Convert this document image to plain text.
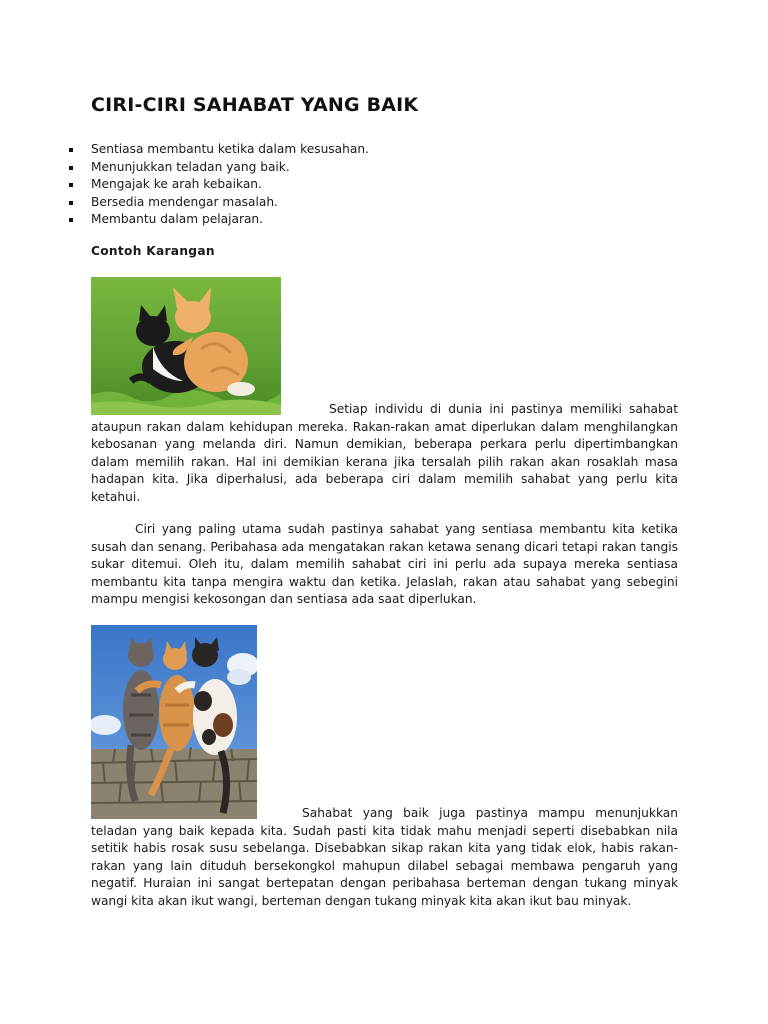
CIRI-CIRI SAHABAT YANG BAIK
Sentiasa membantu ketika dalam kesusahan.
Menunjukkan teladan yang baik.
Mengajak ke arah kebaikan.
Bersedia mendengar masalah.
Membantu dalam pelajaran.
Contoh Karangan

Setiap individu di dunia ini pastinya memiliki sahabat ataupun rakan dalam kehidupan mereka. Rakan-rakan amat diperlukan dalam menghilangkan kebosanan yang melanda diri. Namun demikian, beberapa perkara perlu dipertimbangkan dalam memilih rakan. Hal ini demikian kerana jika tersalah pilih rakan akan rosaklah masa hadapan kita. Jika diperhalusi, ada beberapa ciri dalam memilih sahabat yang perlu kita ketahui.

Ciri yang paling utama sudah pastinya sahabat yang sentiasa membantu kita ketika susah dan senang. Peribahasa ada mengatakan rakan ketawa senang dicari tetapi rakan tangis sukar ditemui. Oleh itu, dalam memilih sahabat ciri ini perlu ada supaya mereka sentiasa membantu kita tanpa mengira waktu dan ketika. Jelaslah, rakan atau sahabat yang sebegini mampu mengisi kekosongan dan sentiasa ada saat diperlukan.

Sahabat yang baik juga pastinya mampu menunjukkan teladan yang baik kepada kita. Sudah pasti kita tidak mahu menjadi seperti disebabkan nila setitik habis rosak susu sebelanga. Disebabkan sikap rakan kita yang tidak elok, habis rakan-rakan yang lain dituduh bersekongkol mahupun dilabel sebagai membawa pengaruh yang negatif. Huraian ini sangat bertepatan dengan peribahasa berteman dengan tukang minyak wangi kita akan ikut wangi, berteman dengan tukang minyak kita akan ikut bau minyak.
